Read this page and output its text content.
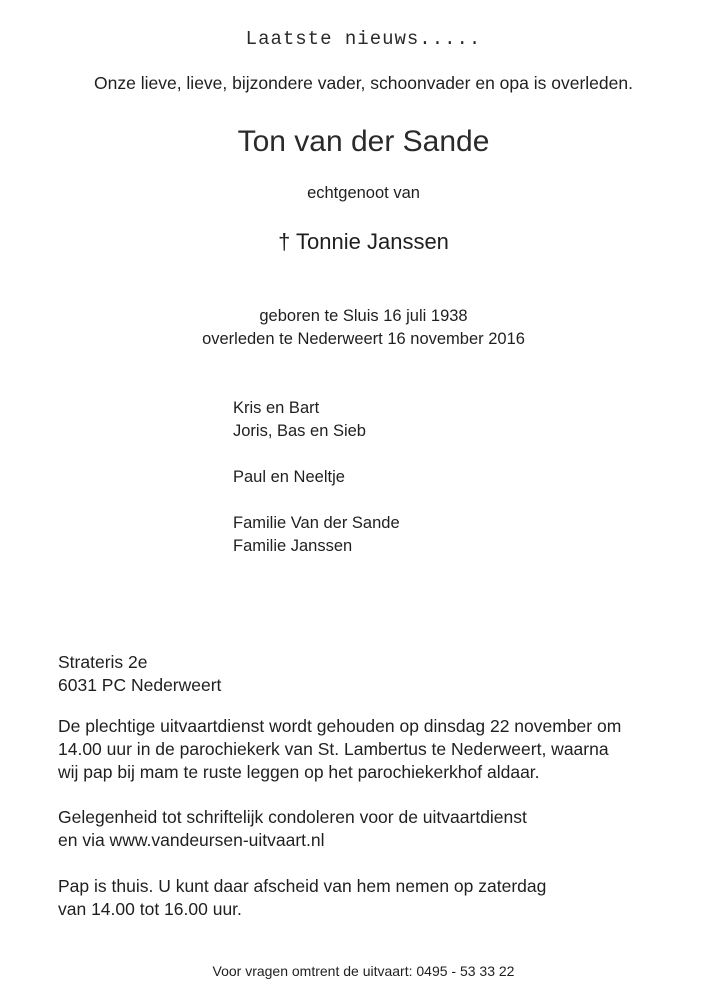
Laatste nieuws.....
Onze lieve, lieve, bijzondere vader, schoonvader en opa is overleden.
Ton van der Sande
echtgenoot van
† Tonnie Janssen
geboren te Sluis 16 juli 1938
overleden te Nederweert 16 november 2016
Kris en Bart
Joris, Bas en Sieb
Paul en Neeltje
Familie Van der Sande
Familie Janssen
Strateris 2e
6031 PC Nederweert
De plechtige uitvaartdienst wordt gehouden op dinsdag 22 november om
14.00 uur in de parochiekerk van St. Lambertus te Nederweert, waarna
wij pap bij mam te ruste leggen op het parochiekerkhof aldaar.
Gelegenheid tot schriftelijk condoleren voor de uitvaartdienst
en via www.vandeursen-uitvaart.nl
Pap is thuis. U kunt daar afscheid van hem nemen op zaterdag
van 14.00 tot 16.00 uur.
Voor vragen omtrent de uitvaart: 0495 - 53 33 22
